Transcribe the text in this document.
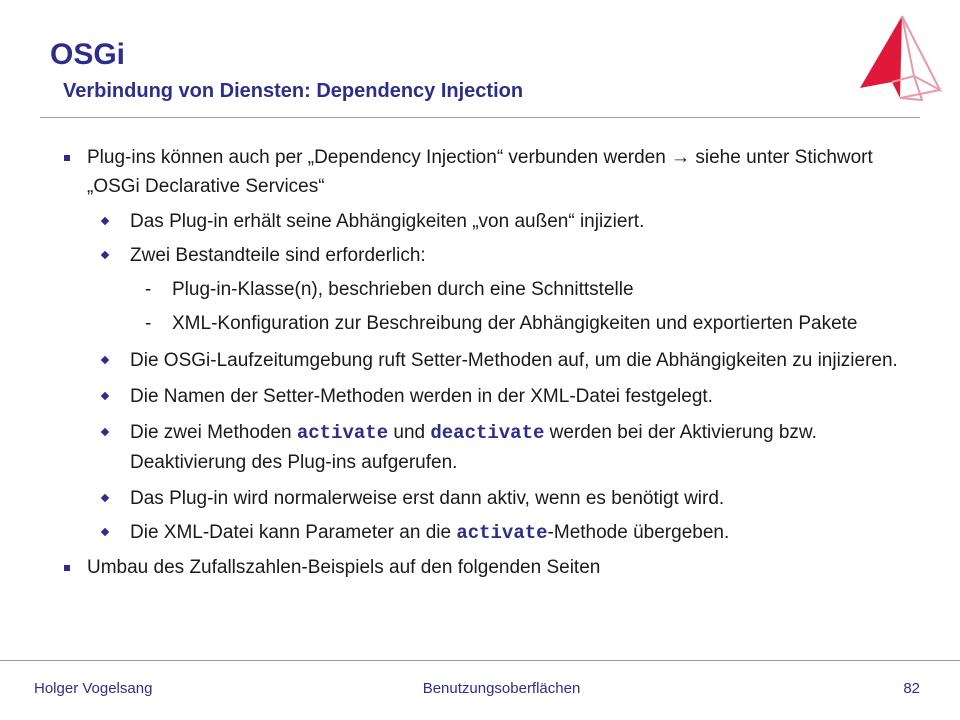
OSGi
Verbindung von Diensten: Dependency Injection
Plug-ins können auch per „Dependency Injection“ verbunden werden → siehe unter Stichwort „OSGi Declarative Services“
Das Plug-in erhält seine Abhängigkeiten „von außen“ injiziert.
Zwei Bestandteile sind erforderlich:
- Plug-in-Klasse(n), beschrieben durch eine Schnittstelle
- XML-Konfiguration zur Beschreibung der Abhängigkeiten und exportierten Pakete
Die OSGi-Laufzeitumgebung ruft Setter-Methoden auf, um die Abhängigkeiten zu injizieren.
Die Namen der Setter-Methoden werden in der XML-Datei festgelegt.
Die zwei Methoden activate und deactivate werden bei der Aktivierung bzw. Deaktivierung des Plug-ins aufgerufen.
Das Plug-in wird normalerweise erst dann aktiv, wenn es benötigt wird.
Die XML-Datei kann Parameter an die activate-Methode übergeben.
Umbau des Zufallszahlen-Beispiels auf den folgenden Seiten
Holger Vogelsang	Benutzungsoberflächen	82
